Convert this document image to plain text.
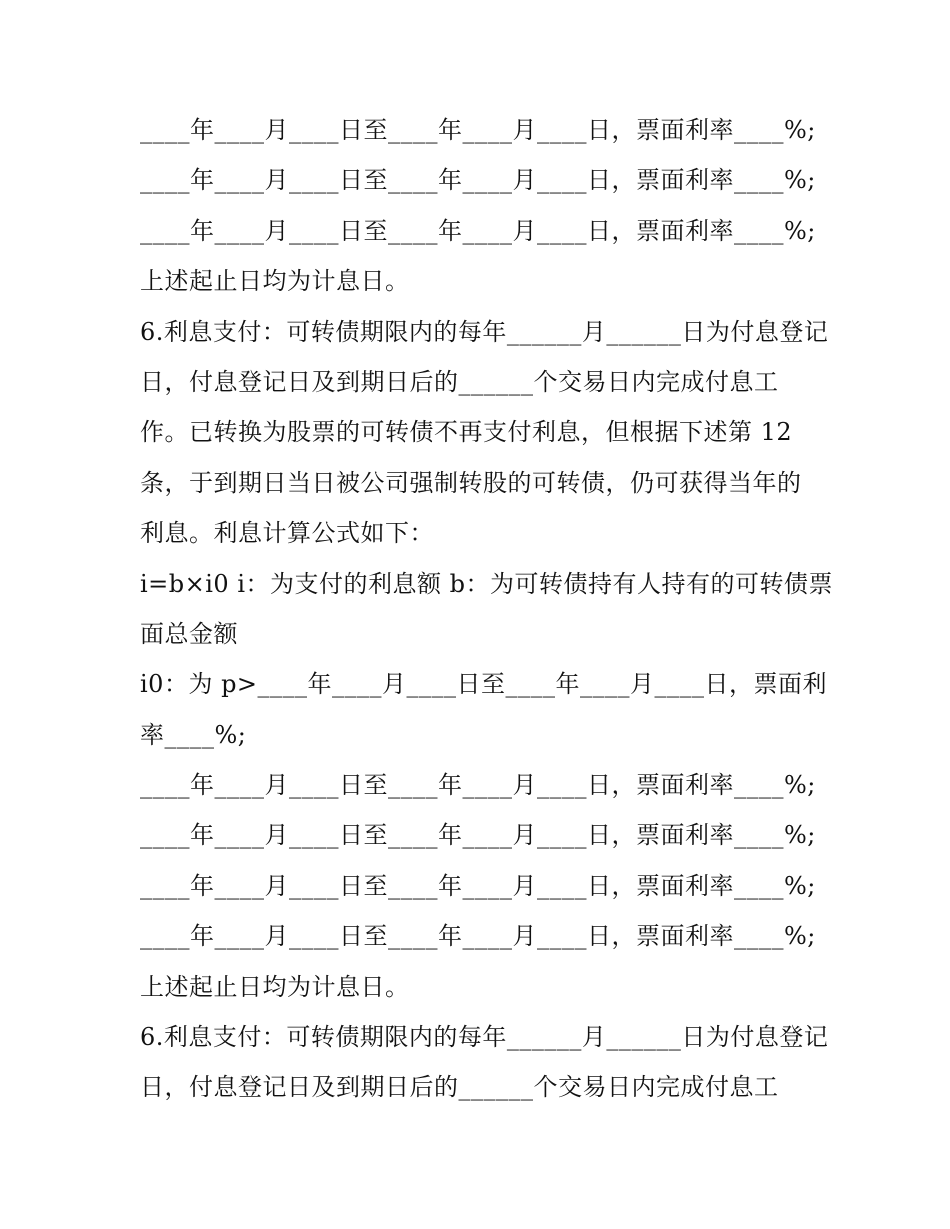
____年____月____日至____年____月____日，票面利率____%;
____年____月____日至____年____月____日，票面利率____%;
____年____月____日至____年____月____日，票面利率____%;
上述起止日均为计息日。
6.利息支付：可转债期限内的每年______月______日为付息登记
日，付息登记日及到期日后的______个交易日内完成付息工
作。已转换为股票的可转债不再支付利息，但根据下述第 12
条，于到期日当日被公司强制转股的可转债，仍可获得当年的
利息。利息计算公式如下：
i=b×i0 i：为支付的利息额 b：为可转债持有人持有的可转债票
面总金额
i0：为 p>____年____月____日至____年____月____日，票面利
率____%;
____年____月____日至____年____月____日，票面利率____%;
____年____月____日至____年____月____日，票面利率____%;
____年____月____日至____年____月____日，票面利率____%;
____年____月____日至____年____月____日，票面利率____%;
上述起止日均为计息日。
6.利息支付：可转债期限内的每年______月______日为付息登记
日，付息登记日及到期日后的______个交易日内完成付息工
